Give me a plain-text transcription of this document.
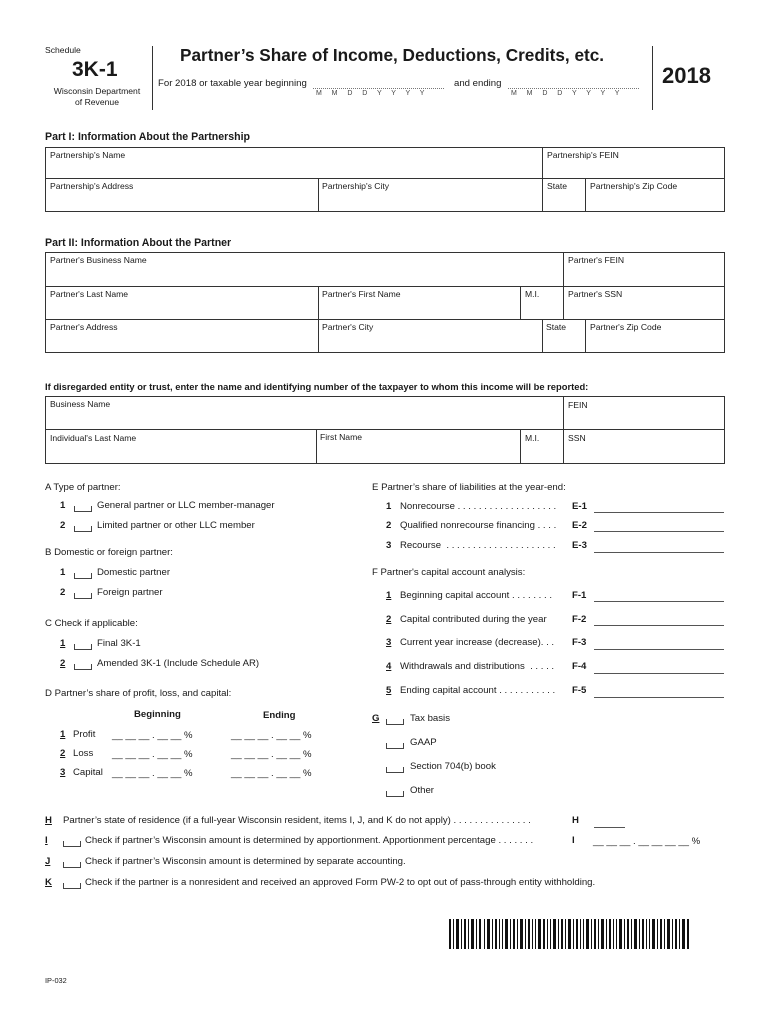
Schedule
3K-1
Wisconsin Department
of Revenue
Partner’s Share of Income, Deductions, Credits, etc.
For 2018 or taxable year beginning
M   M   D   D   Y   Y   Y   Y
and ending
M   M   D   D   Y   Y   Y   Y
2018
Part I: Information About the Partnership
Partnership's Name	Partnership's FEIN
Partnership's Address	Partnership's City	State	Partnership's Zip Code
Part II: Information About the Partner
Partner's Business Name	Partner's FEIN
Partner's Last Name	Partner's First Name	M.I.	Partner's SSN
Partner's Address	Partner's City	State	Partner's Zip Code
If disregarded entity or trust, enter the name and identifying number of the taxpayer to whom this income will be reported:
Business Name	FEIN
Individual's Last Name	First Name	M.I.	SSN
A Type of partner:
1	General partner or LLC member-manager
2	Limited partner or other LLC member
B Domestic or foreign partner:
1	Domestic partner
2	Foreign partner
C Check if applicable:
1	Final 3K-1
2	Amended 3K-1 (Include Schedule AR)
D Partner’s share of profit, loss, and capital:
Beginning	Ending
1 Profit __ __ __ . __ __ %	__ __ __ . __ __ %
2 Loss __ __ __ . __ __ %	__ __ __ . __ __ %
3 Capital __ __ __ . __ __ %	__ __ __ . __ __ %
E Partner’s share of liabilities at the year-end:
1 Nonrecourse . . . . . . . . . . . . . . . . . . . E-1
2 Qualified nonrecourse financing . . . . E-2
3 Recourse  . . . . . . . . . . . . . . . . . . . . . E-3
F Partner's capital account analysis:
1 Beginning capital account . . . . . . . . F-1
2 Capital contributed during the year	F-2
3 Current year increase (decrease). . . F-3
4 Withdrawals and distributions  . . . . . F-4
5 Ending capital account . . . . . . . . . . . F-5
G	Tax basis
GAAP
Section 704(b) book
Other
H Partner’s state of residence (if a full-year Wisconsin resident, items I, J, and K do not apply) . . . . . . . . . . . . . . .	H
I	Check if partner’s Wisconsin amount is determined by apportionment. Apportionment percentage . . . . . . .	I __ __ __ . __ __ __ __ %
J	Check if partner’s Wisconsin amount is determined by separate accounting.
K	Check if the partner is a nonresident and received an approved Form PW-2 to opt out of pass-through entity withholding.
IP-032
